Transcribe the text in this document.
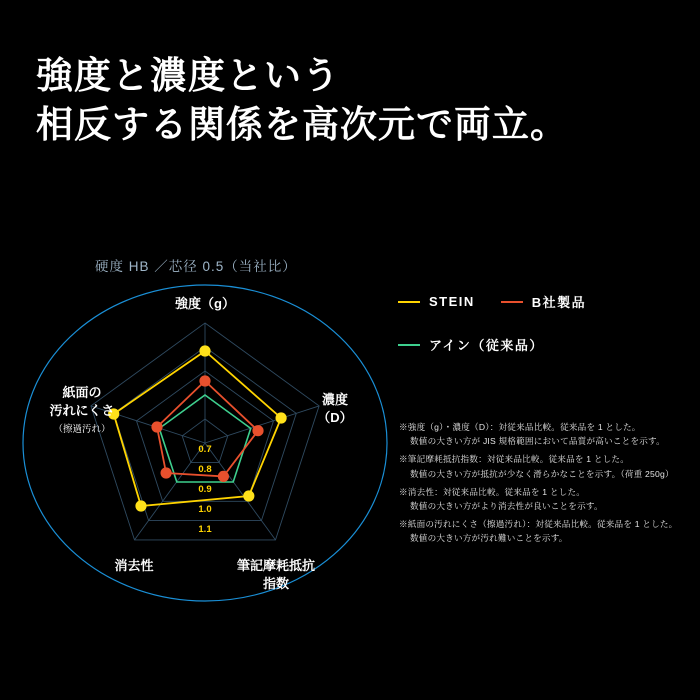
強度と濃度という
相反する関係を高次元で両立。
硬度 HB ／芯径 0.5（当社比）
0.7
0.8
0.9
1.0
1.1
強度（g）
濃度
（D）
筆記摩耗抵抗
指数
消去性
紙面の
汚れにくさ
（擦過汚れ）
STEIN	B社製品
アイン（従来品）
※強度（g）・濃度（D）：対従来品比較。従来品を 1 とした。
数値の大きい方が JIS 規格範囲において品質が高いことを示す。
※筆記摩耗抵抗指数：対従来品比較。従来品を 1 とした。
数値の大きい方が抵抗が少なく滑らかなことを示す。（荷重 250g）
※消去性：対従来品比較。従来品を 1 とした。
数値の大きい方がより消去性が良いことを示す。
※紙面の汚れにくさ（擦過汚れ）：対従来品比較。従来品を 1 とした。
数値の大きい方が汚れ難いことを示す。
